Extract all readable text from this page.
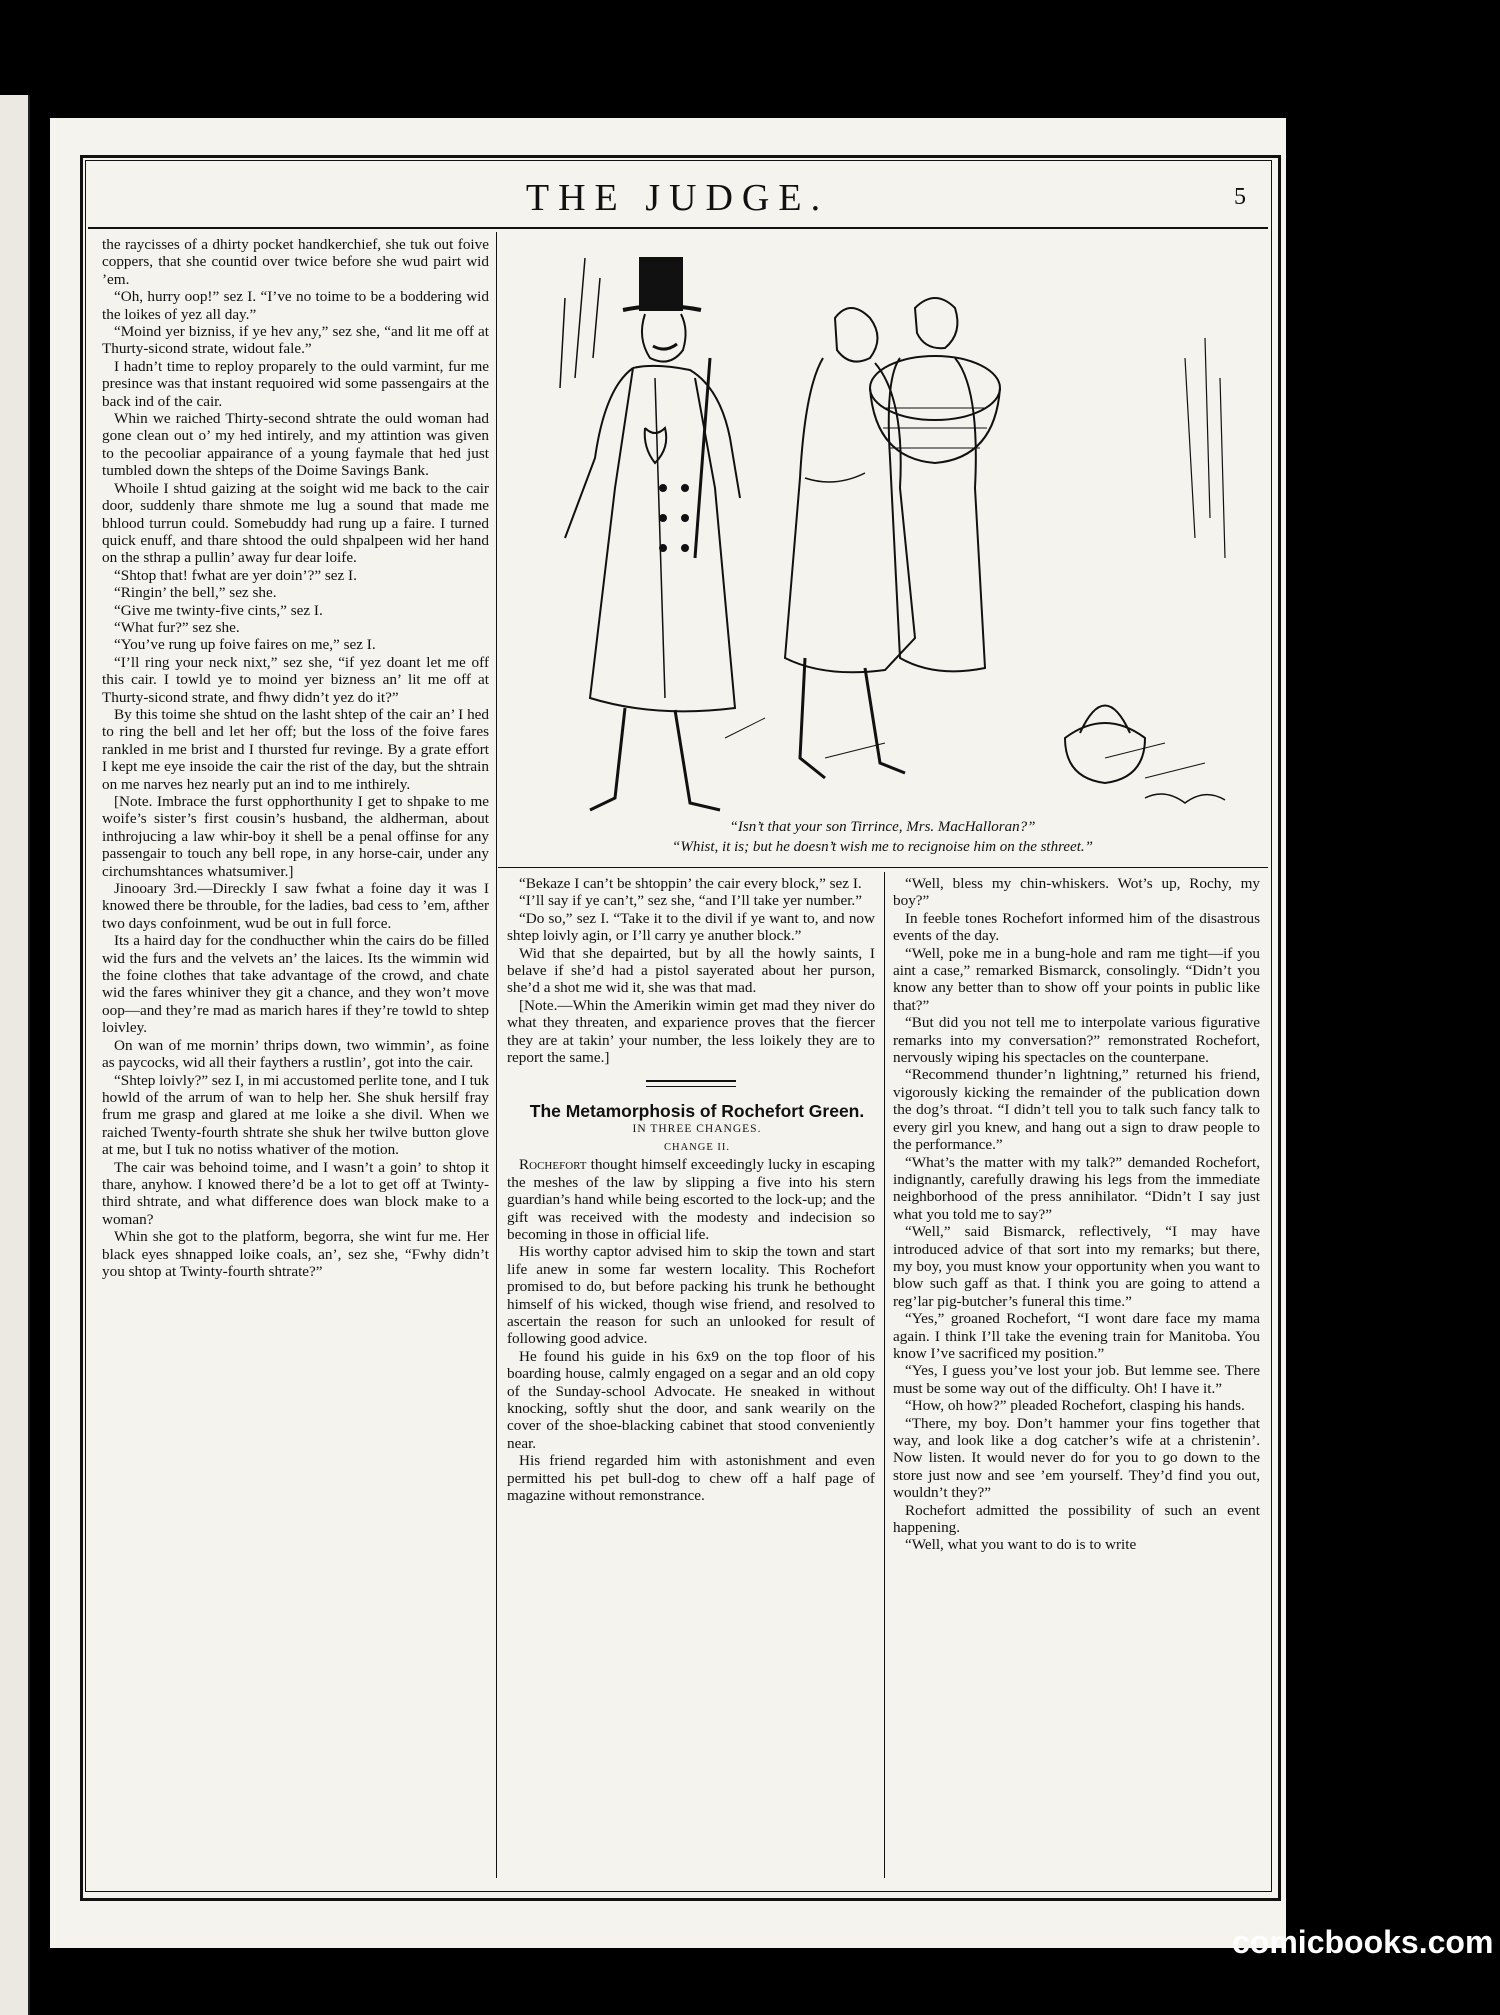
THE JUDGE.	5
“Isn’t that your son Tirrince, Mrs. MacHalloran?”
“Whist, it is; but he doesn’t wish me to recignoise him on the sthreet.”

the raycisses of a dhirty pocket handkerchief, she tuk out foive coppers, that she countid over twice before she wud pairt wid ’em.

“Oh, hurry oop!” sez I. “I’ve no toime to be a boddering wid the loikes of yez all day.”

“Moind yer bizniss, if ye hev any,” sez she, “and lit me off at Thurty-sicond strate, widout fale.”

I hadn’t time to reploy proparely to the ould varmint, fur me presince was that instant requoired wid some passengairs at the back ind of the cair.

Whin we raiched Thirty-second shtrate the ould woman had gone clean out o’ my hed intirely, and my attintion was given to the pecooliar appairance of a young faymale that hed just tumbled down the shteps of the Doime Savings Bank.

Whoile I shtud gaizing at the soight wid me back to the cair door, suddenly thare shmote me lug a sound that made me bhlood turrun could. Somebuddy had rung up a faire. I turned quick enuff, and thare shtood the ould shpalpeen wid her hand on the sthrap a pullin’ away fur dear loife.

“Shtop that! fwhat are yer doin’?” sez I.

“Ringin’ the bell,” sez she.

“Give me twinty-five cints,” sez I.

“What fur?” sez she.

“You’ve rung up foive faires on me,” sez I.

“I’ll ring your neck nixt,” sez she, “if yez doant let me off this cair. I towld ye to moind yer bizness an’ lit me off at Thurty-sicond strate, and fhwy didn’t yez do it?”

By this toime she shtud on the lasht shtep of the cair an’ I hed to ring the bell and let her off; but the loss of the foive fares rankled in me brist and I thursted fur revinge. By a grate effort I kept me eye insoide the cair the rist of the day, but the shtrain on me narves hez nearly put an ind to me inthirely.

[Note. Imbrace the furst opphorthunity I get to shpake to me woife’s sister’s first cousin’s husband, the aldherman, about inthrojucing a law whir-boy it shell be a penal offinse for any passengair to touch any bell rope, in any horse-cair, under any circhumshtances whatsumiver.]

Jinooary 3rd.—Direckly I saw fwhat a foine day it was I knowed there be throuble, for the ladies, bad cess to ’em, afther two days confoinment, wud be out in full force.

Its a haird day for the condhucther whin the cairs do be filled wid the furs and the velvets an’ the laices. Its the wimmin wid the foine clothes that take advantage of the crowd, and chate wid the fares whiniver they git a chance, and they won’t move oop—and they’re mad as marich hares if they’re towld to shtep loivley.

On wan of me mornin’ thrips down, two wimmin’, as foine as paycocks, wid all their faythers a rustlin’, got into the cair.

“Shtep loivly?” sez I, in mi accustomed perlite tone, and I tuk howld of the arrum of wan to help her. She shuk hersilf fray frum me grasp and glared at me loike a she divil. When we raiched Twenty-fourth shtrate she shuk her twilve button glove at me, but I tuk no notiss whativer of the motion.

The cair was behoind toime, and I wasn’t a goin’ to shtop it thare, anyhow. I knowed there’d be a lot to get off at Twinty-third shtrate, and what difference does wan block make to a woman?

Whin she got to the platform, begorra, she wint fur me. Her black eyes shnapped loike coals, an’, sez she, “Fwhy didn’t you shtop at Twinty-fourth shtrate?”

“Bekaze I can’t be shtoppin’ the cair every block,” sez I.

“I’ll say if ye can’t,” sez she, “and I’ll take yer number.”

“Do so,” sez I. “Take it to the divil if ye want to, and now shtep loivly agin, or I’ll carry ye anuther block.”

Wid that she depairted, but by all the howly saints, I belave if she’d had a pistol sayerated about her purson, she’d a shot me wid it, she was that mad.

[Note.—Whin the Amerikin wimin get mad they niver do what they threaten, and exparience proves that the fiercer they are at takin’ your number, the less loikely they are to report the same.]

The Metamorphosis of Rochefort Green.

IN THREE CHANGES.

CHANGE II.

Rochefort thought himself exceedingly lucky in escaping the meshes of the law by slipping a five into his stern guardian’s hand while being escorted to the lock-up; and the gift was received with the modesty and indecision so becoming in those in official life.

His worthy captor advised him to skip the town and start life anew in some far western locality. This Rochefort promised to do, but before packing his trunk he bethought himself of his wicked, though wise friend, and resolved to ascertain the reason for such an unlooked for result of following good advice.

He found his guide in his 6x9 on the top floor of his boarding house, calmly engaged on a segar and an old copy of the Sunday-school Advocate. He sneaked in without knocking, softly shut the door, and sank wearily on the cover of the shoe-blacking cabinet that stood conveniently near.

His friend regarded him with astonishment and even permitted his pet bull-dog to chew off a half page of magazine without remonstrance.

“Well, bless my chin-whiskers. Wot’s up, Rochy, my boy?”

In feeble tones Rochefort informed him of the disastrous events of the day.

“Well, poke me in a bung-hole and ram me tight—if you aint a case,” remarked Bismarck, consolingly. “Didn’t you know any better than to show off your points in public like that?”

“But did you not tell me to interpolate various figurative remarks into my conversation?” remonstrated Rochefort, nervously wiping his spectacles on the counterpane.

“Recommend thunder’n lightning,” returned his friend, vigorously kicking the remainder of the publication down the dog’s throat. “I didn’t tell you to talk such fancy talk to every girl you knew, and hang out a sign to draw people to the performance.”

“What’s the matter with my talk?” demanded Rochefort, indignantly, carefully drawing his legs from the immediate neighborhood of the press annihilator. “Didn’t I say just what you told me to say?”

“Well,” said Bismarck, reflectively, “I may have introduced advice of that sort into my remarks; but there, my boy, you must know your opportunity when you want to blow such gaff as that. I think you are going to attend a reg’lar pig-butcher’s funeral this time.”

“Yes,” groaned Rochefort, “I wont dare face my mama again. I think I’ll take the evening train for Manitoba. You know I’ve sacrificed my position.”

“Yes, I guess you’ve lost your job. But lemme see. There must be some way out of the difficulty. Oh! I have it.”

“How, oh how?” pleaded Rochefort, clasping his hands.

“There, my boy. Don’t hammer your fins together that way, and look like a dog catcher’s wife at a christenin’. Now listen. It would never do for you to go down to the store just now and see ’em yourself. They’d find you out, wouldn’t they?”

Rochefort admitted the possibility of such an event happening.

“Well, what you want to do is to write

comicbooks.com
